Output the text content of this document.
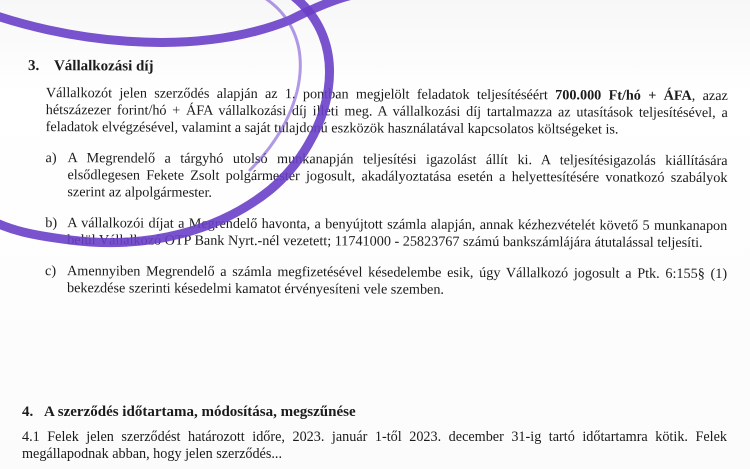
3. Vállalkozási díj

Vállalkozót jelen szerződés alapján az 1. pontban megjelölt feladatok teljesítéséért 700.000 Ft/hó + ÁFA, azaz hétszázezer forint/hó + ÁFA vállalkozási díj illeti meg. A vállalkozási díj tartalmazza az utasítások teljesítésével, a feladatok elvégzésével, valamint a saját tulajdonú eszközök használatával kapcsolatos költségeket is.

a) A Megrendelő a tárgyhó utolsó munkanapján teljesítési igazolást állít ki. A teljesítésigazolás kiállítására elsődlegesen Fekete Zsolt polgármester jogosult, akadályoztatása esetén a helyettesítésére vonatkozó szabályok szerint az alpolgármester.
b) A vállalkozói díjat a Megrendelő havonta, a benyújtott számla alapján, annak kézhezvételét követő 5 munkanapon belül Vállalkozó OTP Bank Nyrt.-nél vezetett; 11741000 - 25823767 számú bankszámlájára átutalással teljesíti.
c) Amennyiben Megrendelő a számla megfizetésével késedelembe esik, úgy Vállalkozó jogosult a Ptk. 6:155§ (1) bekezdése szerinti késedelmi kamatot érvényesíteni vele szemben.

4. A szerződés időtartama, módosítása, megszűnése

4.1 Felek jelen szerződést határozott időre, 2023. január 1-től 2023. december 31-ig tartó időtartamra kötik. Felek megállapodnak abban, hogy jelen szerződés...
